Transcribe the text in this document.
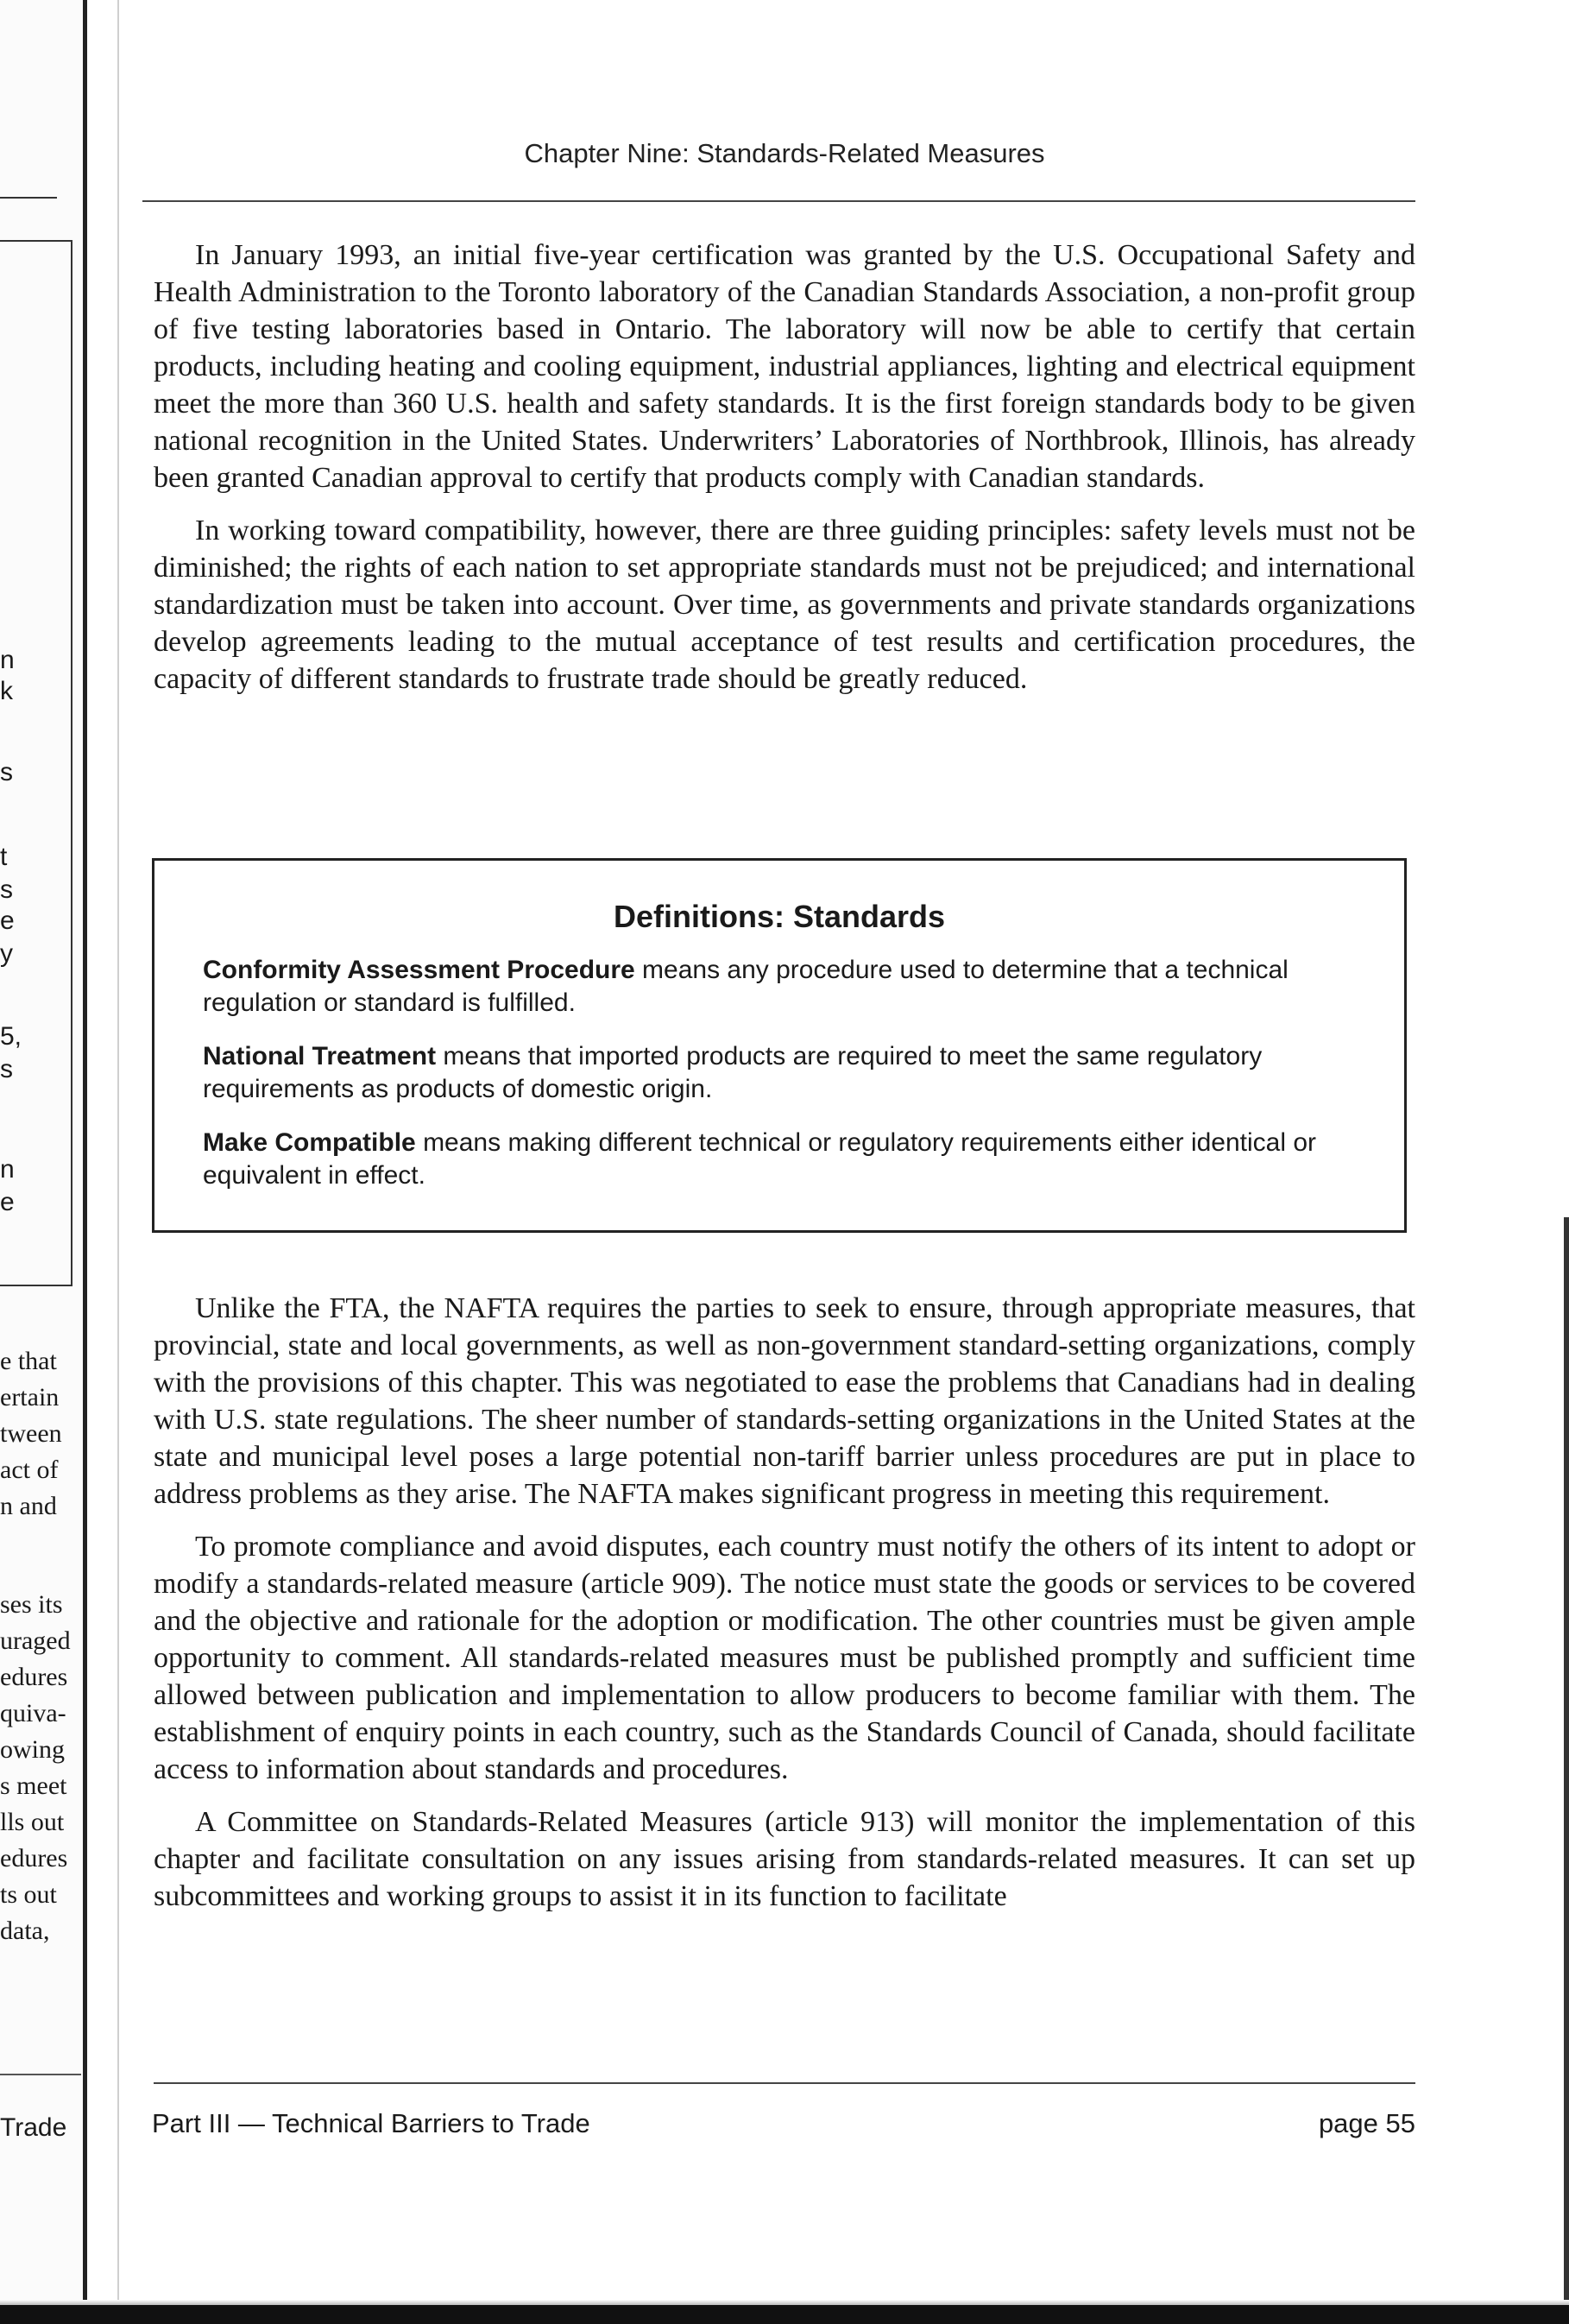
n
k
s
t
s
e
y
5,
s
n
e
e that
ertain
tween
act of
n and
ses its
uraged
edures
quiva-
owing
s meet
lls out
edures
ts out
data,
Trade
Chapter Nine: Standards-Related Measures

In January 1993, an initial five-year certification was granted by the U.S. Occupational Safety and Health Administration to the Toronto laboratory of the Canadian Standards Association, a non-profit group of five testing laboratories based in Ontario. The laboratory will now be able to certify that certain products, including heating and cooling equipment, industrial appliances, lighting and electrical equipment meet the more than 360 U.S. health and safety standards. It is the first foreign standards body to be given national recognition in the United States. Underwriters’ Laboratories of Northbrook, Illinois, has already been granted Canadian approval to certify that products comply with Canadian standards.

In working toward compatibility, however, there are three guiding principles: safety levels must not be diminished; the rights of each nation to set appropriate standards must not be prejudiced; and international standardization must be taken into account. Over time, as governments and private standards organizations develop agreements leading to the mutual acceptance of test results and certification procedures, the capacity of different standards to frustrate trade should be greatly reduced.

Definitions: Standards
Conformity Assessment Procedure means any procedure used to determine that a technical regulation or standard is fulfilled.
National Treatment means that imported products are required to meet the same regulatory requirements as products of domestic origin.
Make Compatible means making different technical or regulatory requirements either identical or equivalent in effect.

Unlike the FTA, the NAFTA requires the parties to seek to ensure, through appropriate measures, that provincial, state and local governments, as well as non-government standard-setting organizations, comply with the provisions of this chapter. This was negotiated to ease the problems that Canadians had in dealing with U.S. state regulations. The sheer number of standards-setting organizations in the United States at the state and municipal level poses a large potential non-tariff barrier unless procedures are put in place to address problems as they arise. The NAFTA makes significant progress in meeting this requirement.

To promote compliance and avoid disputes, each country must notify the others of its intent to adopt or modify a standards-related measure (article 909). The notice must state the goods or services to be covered and the objective and rationale for the adoption or modification. The other countries must be given ample opportunity to comment. All standards-related measures must be published promptly and sufficient time allowed between publication and implementation to allow producers to become familiar with them. The establishment of enquiry points in each country, such as the Standards Council of Canada, should facilitate access to information about standards and procedures.

A Committee on Standards-Related Measures (article 913) will monitor the implementation of this chapter and facilitate consultation on any issues arising from standards-related measures. It can set up subcommittees and working groups to assist it in its function to facilitate

Part III — Technical Barriers to Trade	page 55
